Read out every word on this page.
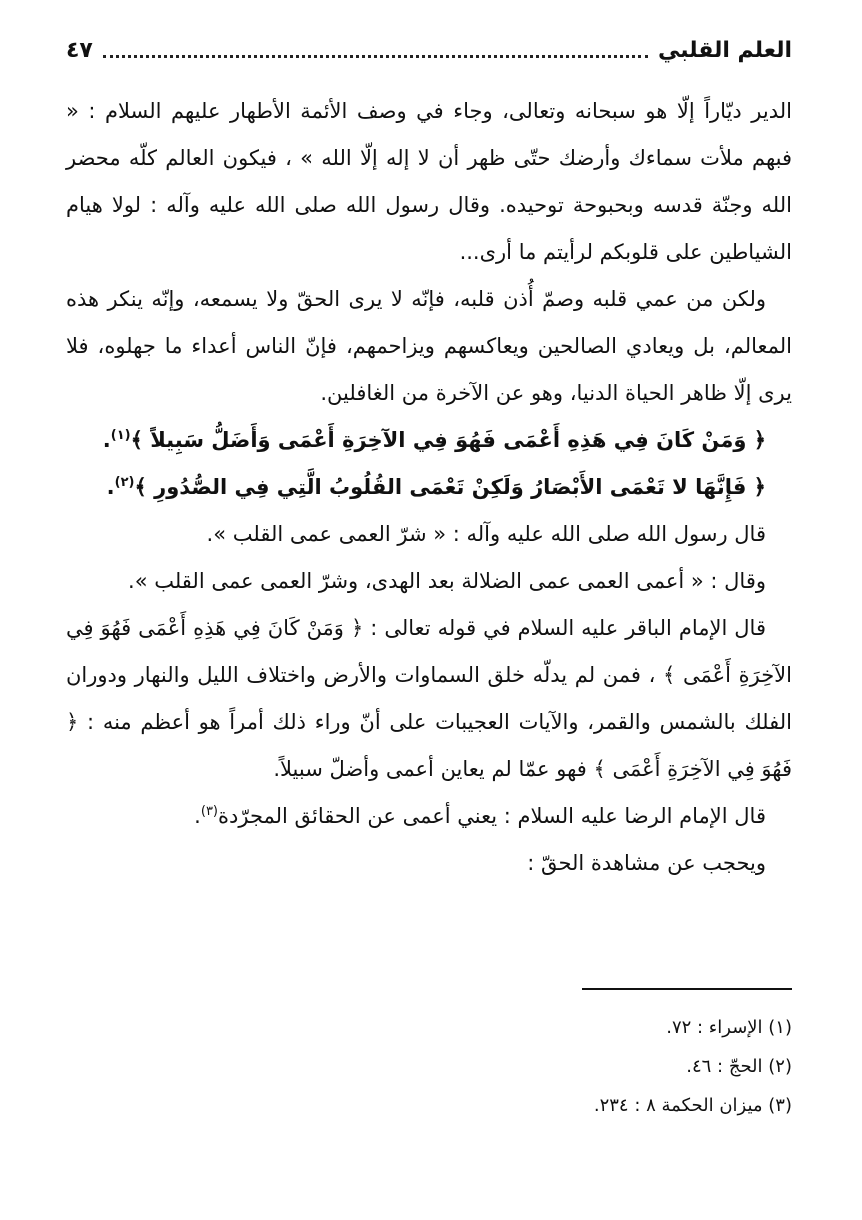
العلم القلبي
٤٧

الدير ديّاراً إلّا هو سبحانه وتعالى، وجاء في وصف الأئمة الأطهار عليهم السلام : « فبهم ملأت سماءك وأرضك حتّى ظهر أن لا إله إلّا الله » ، فيكون العالم كلّه محضر الله وجنّة قدسه وبحبوحة توحيده. وقال رسول الله صلى الله عليه وآله : لولا هيام الشياطين على قلوبكم لرأيتم ما أرى...

ولكن من عمي قلبه وصمّ أُذن قلبه، فإنّه لا يرى الحقّ ولا يسمعه، وإنّه ينكر هذه المعالم، بل ويعادي الصالحين ويعاكسهم ويزاحمهم، فإنّ الناس أعداء ما جهلوه، فلا يرى إلّا ظاهر الحياة الدنيا، وهو عن الآخرة من الغافلين.

﴿ وَمَنْ كَانَ فِي هَذِهِ أَعْمَى فَهُوَ فِي الآخِرَةِ أَعْمَى وَأَضَلُّ سَبِيلاً ﴾$^{(١)}$.

﴿ فَإِنَّهَا لا تَعْمَى الأَبْصَارُ وَلَكِنْ تَعْمَى القُلُوبُ الَّتِي فِي الصُّدُورِ ﴾$^{(٢)}$.

قال رسول الله صلى الله عليه وآله : « شرّ العمى عمى القلب ».

وقال : « أعمى العمى عمى الضلالة بعد الهدى، وشرّ العمى عمى القلب ».

قال الإمام الباقر عليه السلام في قوله تعالى : ﴿ وَمَنْ كَانَ فِي هَذِهِ أَعْمَى فَهُوَ فِي الآخِرَةِ أَعْمَى ﴾ ، فمن لم يدلّه خلق السماوات والأرض واختلاف الليل والنهار ودوران الفلك بالشمس والقمر، والآيات العجيبات على أنّ وراء ذلك أمراً هو أعظم منه : ﴿ فَهُوَ فِي الآخِرَةِ أَعْمَى ﴾ فهو عمّا لم يعاين أعمى وأضلّ سبيلاً.

قال الإمام الرضا عليه السلام : يعني أعمى عن الحقائق المجرّدة$^{(٣)}$.

ويحجب عن مشاهدة الحقّ :

(١) الإسراء : ٧٢.
(٢) الحجّ : ٤٦.
(٣) ميزان الحكمة ٨ : ٢٣٤.
